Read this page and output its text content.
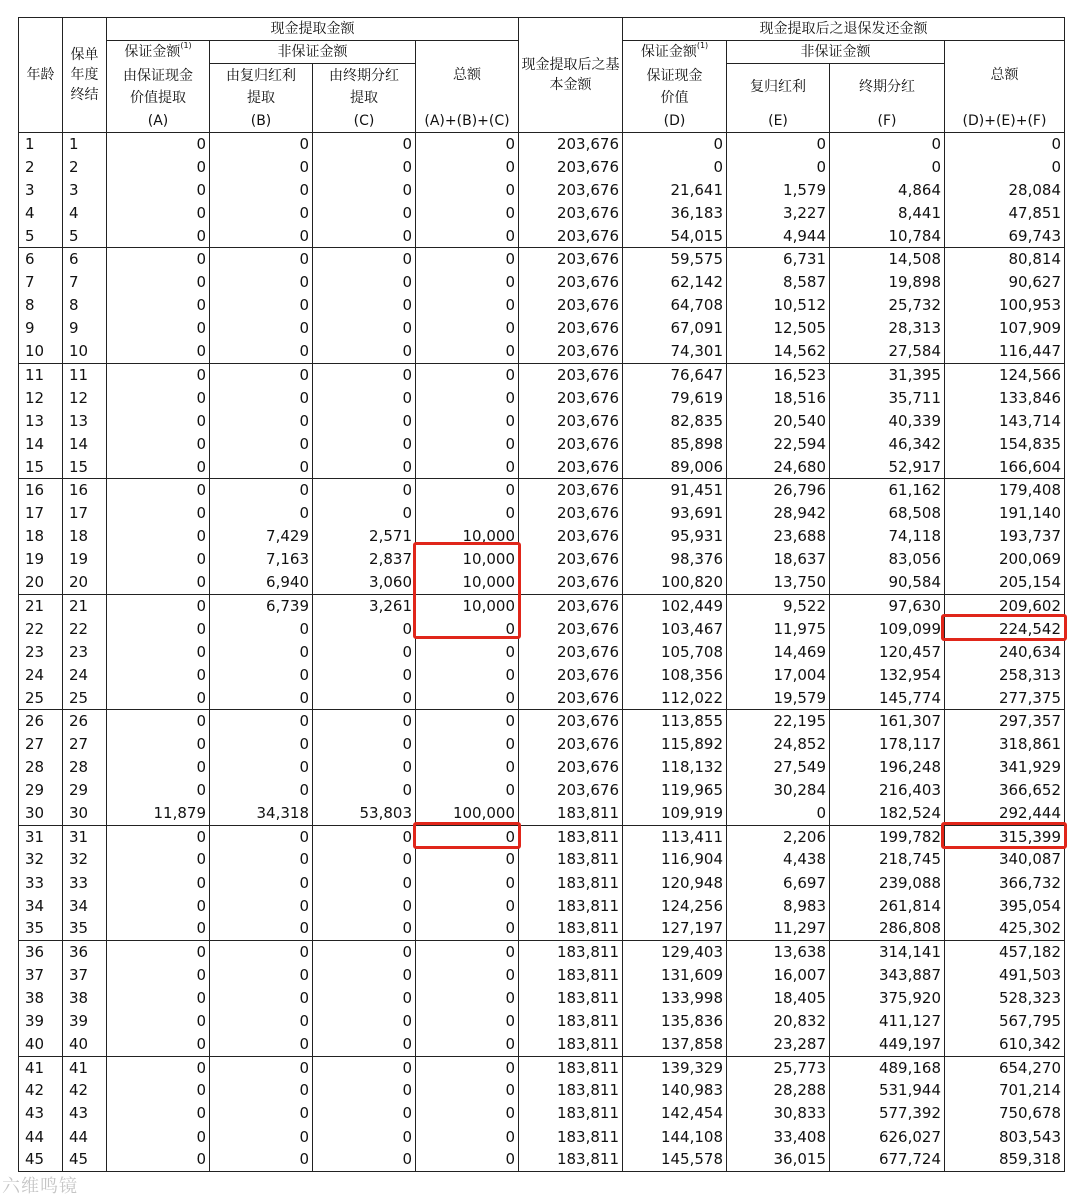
年龄	保单年度终结	现金提取金额				现金提取后之基本金额	现金提取后之退保发还金额			
		保证金额$^{(1)}$	非保证金额		总额		保证金额$^{(1)}$	非保证金额		总额
		由保证现金价值提取	由复归红利提取	由终期分红提取			保证现金价值	复归红利	终期分红	
		(A)	(B)	(C)	(A)+(B)+(C)		(D)	(E)	(F)	(D)+(E)+(F)
1	1	0	0	0	0	203,676	0	0	0	0
2	2	0	0	0	0	203,676	0	0	0	0
3	3	0	0	0	0	203,676	21,641	1,579	4,864	28,084
4	4	0	0	0	0	203,676	36,183	3,227	8,441	47,851
5	5	0	0	0	0	203,676	54,015	4,944	10,784	69,743
6	6	0	0	0	0	203,676	59,575	6,731	14,508	80,814
7	7	0	0	0	0	203,676	62,142	8,587	19,898	90,627
8	8	0	0	0	0	203,676	64,708	10,512	25,732	100,953
9	9	0	0	0	0	203,676	67,091	12,505	28,313	107,909
10	10	0	0	0	0	203,676	74,301	14,562	27,584	116,447
11	11	0	0	0	0	203,676	76,647	16,523	31,395	124,566
12	12	0	0	0	0	203,676	79,619	18,516	35,711	133,846
13	13	0	0	0	0	203,676	82,835	20,540	40,339	143,714
14	14	0	0	0	0	203,676	85,898	22,594	46,342	154,835
15	15	0	0	0	0	203,676	89,006	24,680	52,917	166,604
16	16	0	0	0	0	203,676	91,451	26,796	61,162	179,408
17	17	0	0	0	0	203,676	93,691	28,942	68,508	191,140
18	18	0	7,429	2,571	10,000	203,676	95,931	23,688	74,118	193,737
19	19	0	7,163	2,837	10,000	203,676	98,376	18,637	83,056	200,069
20	20	0	6,940	3,060	10,000	203,676	100,820	13,750	90,584	205,154
21	21	0	6,739	3,261	10,000	203,676	102,449	9,522	97,630	209,602
22	22	0	0	0	0	203,676	103,467	11,975	109,099	224,542
23	23	0	0	0	0	203,676	105,708	14,469	120,457	240,634
24	24	0	0	0	0	203,676	108,356	17,004	132,954	258,313
25	25	0	0	0	0	203,676	112,022	19,579	145,774	277,375
26	26	0	0	0	0	203,676	113,855	22,195	161,307	297,357
27	27	0	0	0	0	203,676	115,892	24,852	178,117	318,861
28	28	0	0	0	0	203,676	118,132	27,549	196,248	341,929
29	29	0	0	0	0	203,676	119,965	30,284	216,403	366,652
30	30	11,879	34,318	53,803	100,000	183,811	109,919	0	182,524	292,444
31	31	0	0	0	0	183,811	113,411	2,206	199,782	315,399
32	32	0	0	0	0	183,811	116,904	4,438	218,745	340,087
33	33	0	0	0	0	183,811	120,948	6,697	239,088	366,732
34	34	0	0	0	0	183,811	124,256	8,983	261,814	395,054
35	35	0	0	0	0	183,811	127,197	11,297	286,808	425,302
36	36	0	0	0	0	183,811	129,403	13,638	314,141	457,182
37	37	0	0	0	0	183,811	131,609	16,007	343,887	491,503
38	38	0	0	0	0	183,811	133,998	18,405	375,920	528,323
39	39	0	0	0	0	183,811	135,836	20,832	411,127	567,795
40	40	0	0	0	0	183,811	137,858	23,287	449,197	610,342
41	41	0	0	0	0	183,811	139,329	25,773	489,168	654,270
42	42	0	0	0	0	183,811	140,983	28,288	531,944	701,214
43	43	0	0	0	0	183,811	142,454	30,833	577,392	750,678
44	44	0	0	0	0	183,811	144,108	33,408	626,027	803,543
45	45	0	0	0	0	183,811	145,578	36,015	677,724	859,318
六维鸣镜
